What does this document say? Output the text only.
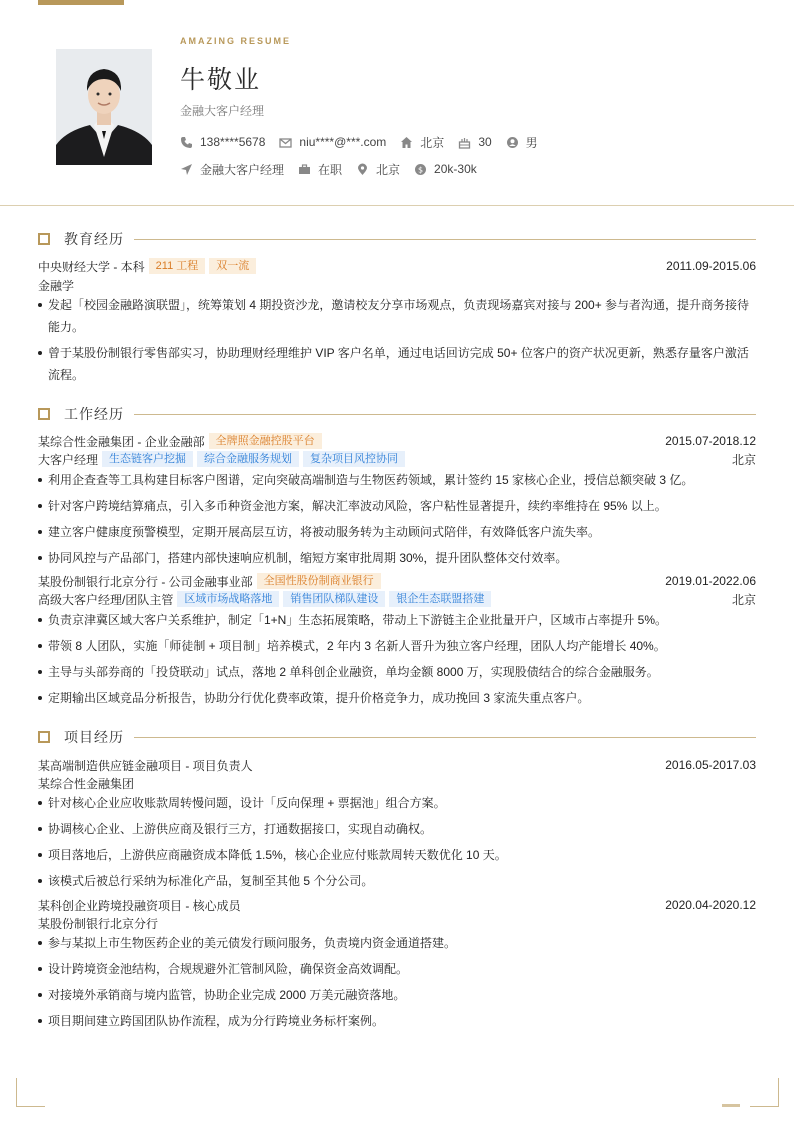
AMAZING RESUME
牛敬业
金融大客户经理
138****5678	niu****@***.com	北京	30	男
金融大客户经理	在职	北京 $ 20k-30k
教育经历
中央财经大学 - 本科	211 工程	双一流	2011.09-2015.06
金融学
发起「校园金融路演联盟」，统筹策划 4 期投资沙龙，邀请校友分享市场观点，负责现场嘉宾对接与 200+ 参与者沟通，提升商务接待能力。
曾于某股份制银行零售部实习，协助理财经理维护 VIP 客户名单，通过电话回访完成 50+ 位客户的资产状况更新，熟悉存量客户激活流程。
工作经历
某综合性金融集团 - 企业金融部	全牌照金融控股平台	2015.07-2018.12
大客户经理	生态链客户挖掘	综合金融服务规划	复杂项目风控协同	北京
利用企查查等工具构建目标客户图谱，定向突破高端制造与生物医药领域，累计签约 15 家核心企业，授信总额突破 3 亿。
针对客户跨境结算痛点，引入多币种资金池方案，解决汇率波动风险，客户粘性显著提升，续约率维持在 95% 以上。
建立客户健康度预警模型，定期开展高层互访，将被动服务转为主动顾问式陪伴，有效降低客户流失率。
协同风控与产品部门，搭建内部快速响应机制，缩短方案审批周期 30%，提升团队整体交付效率。
某股份制银行北京分行 - 公司金融事业部	全国性股份制商业银行	2019.01-2022.06
高级大客户经理/团队主管	区域市场战略落地	销售团队梯队建设	银企生态联盟搭建	北京
负责京津冀区域大客户关系维护，制定「1+N」生态拓展策略，带动上下游链主企业批量开户，区域市占率提升 5%。
带领 8 人团队，实施「师徒制 + 项目制」培养模式，2 年内 3 名新人晋升为独立客户经理，团队人均产能增长 40%。
主导与头部券商的「投贷联动」试点，落地 2 单科创企业融资，单均金额 8000 万，实现股债结合的综合金融服务。
定期输出区域竞品分析报告，协助分行优化费率政策，提升价格竞争力，成功挽回 3 家流失重点客户。
项目经历
某高端制造供应链金融项目 - 项目负责人	2016.05-2017.03
某综合性金融集团
针对核心企业应收账款周转慢问题，设计「反向保理 + 票据池」组合方案。
协调核心企业、上游供应商及银行三方，打通数据接口，实现自动确权。
项目落地后，上游供应商融资成本降低 1.5%，核心企业应付账款周转天数优化 10 天。
该模式后被总行采纳为标准化产品，复制至其他 5 个分公司。
某科创企业跨境投融资项目 - 核心成员	2020.04-2020.12
某股份制银行北京分行
参与某拟上市生物医药企业的美元债发行顾问服务，负责境内资金通道搭建。
设计跨境资金池结构，合规规避外汇管制风险，确保资金高效调配。
对接境外承销商与境内监管，协助企业完成 2000 万美元融资落地。
项目期间建立跨国团队协作流程，成为分行跨境业务标杆案例。
